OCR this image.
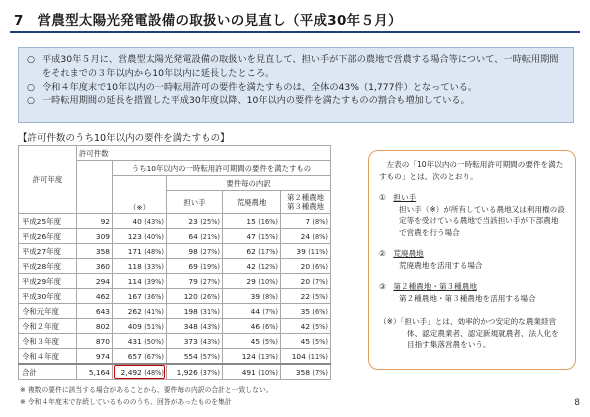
7　営農型太陽光発電設備の取扱いの見直し（平成30年５月）
○ 平成30年５月に、営農型太陽光発電設備の取扱いを見直して、担い手が下部の農地で営農する場合等について、一時転用期間をそれまでの３年以内から10年以内に延長したところ。
○ 令和４年度末で10年以内の一時転用許可の要件を満たすものは、全体の43%（1,777件）となっている。
○ 一時転用期間の延長を措置した平成30年度以降、10年以内の要件を満たすものの割合も増加している。
【許可件数のうち10年以内の要件を満たすもの】
許可年度	許可件数				
		うち10年以内の一時転用許可期間の要件を満たすもの			
		（※）	要件毎の内訳		
			担い手	荒廃農地	第２種農地
第３種農地
平成25年度	92	40 (43%)	23 (25%)	15 (16%)	7 (8%)
平成26年度	309	123 (40%)	64 (21%)	47 (15%)	24 (8%)
平成27年度	358	171 (48%)	98 (27%)	62 (17%)	39 (11%)
平成28年度	360	118 (33%)	69 (19%)	42 (12%)	20 (6%)
平成29年度	294	114 (39%)	79 (27%)	29 (10%)	20 (7%)
平成30年度	462	167 (36%)	120 (26%)	39 (8%)	22 (5%)
令和元年度	643	262 (41%)	198 (31%)	44 (7%)	35 (6%)
令和２年度	802	409 (51%)	348 (43%)	46 (6%)	42 (5%)
令和３年度	870	431 (50%)	373 (43%)	45 (5%)	45 (5%)
令和４年度	974	657 (67%)	554 (57%)	124 (13%)	104 (11%)
合計	5,164	2,492 (48%)	1,926 (37%)	491 (10%)	358 (7%)

左表の「10年以内の一時転用許可期間の要件を満たすもの」とは、次のとおり。

①　 担い手

担い手（※）が所有している農地又は利用権の設定等を受けている農地で当該担い手が下部農地で営農を行う場合

②　 荒廃農地

荒廃農地を活用する場合

③　 第２種農地・第３種農地

第２種農地・第３種農地を活用する場合

（※）「担い手」とは、効率的かつ安定的な農業経営体、認定農業者、認定新規就農者、法人化を目指す集落営農をいう。

※ 複数の要件に該当する場合があることから、要件毎の内訳の合計と一致しない。
※ 令和４年度末で存続しているもののうち、回答があったものを集計	8
